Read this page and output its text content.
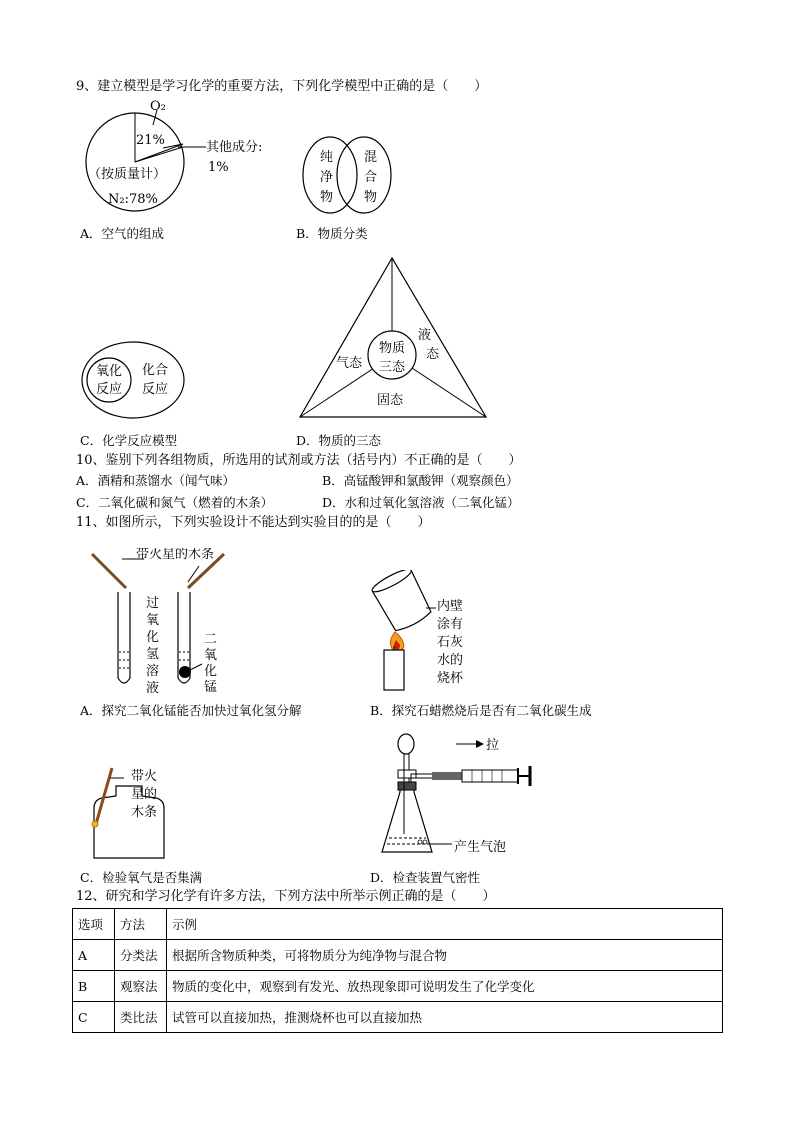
9、建立模型是学习化学的重要方法，下列化学模型中正确的是（　　）
O₂
21%	其他成分:
1%
（按质量计）
N₂:78%
纯
净
物
混
合
物
A．空气的组成	B．物质分类
氧化
反应
化合
反应
物质
三态
气态
液
态
固态
C．化学反应模型	D．物质的三态
10、鉴别下列各组物质，所选用的试剂或方法（括号内）不正确的是（　　）
A．酒精和蒸馏水（闻气味）	B．高锰酸钾和氯酸钾（观察颜色）
C．二氧化碳和氮气（燃着的木条）	D．水和过氧化氢溶液（二氧化锰）
11、如图所示，下列实验设计不能达到实验目的的是（　　）
带火星的木条
过
氧
化
氢
溶
液
二
氧
化
锰
内壁
涂有
石灰
水的
烧杯
A．探究二氧化锰能否加快过氧化氢分解	B．探究石蜡燃烧后是否有二氧化碳生成
带火
星的
木条
拉
产生气泡
C．检验氧气是否集满	D．检查装置气密性
12、研究和学习化学有许多方法，下列方法中所举示例正确的是（　　）
选项	方法	示例
A	分类法	根据所含物质种类，可将物质分为纯净物与混合物
B	观察法	物质的变化中，观察到有发光、放热现象即可说明发生了化学变化
C	类比法	试管可以直接加热，推测烧杯也可以直接加热
